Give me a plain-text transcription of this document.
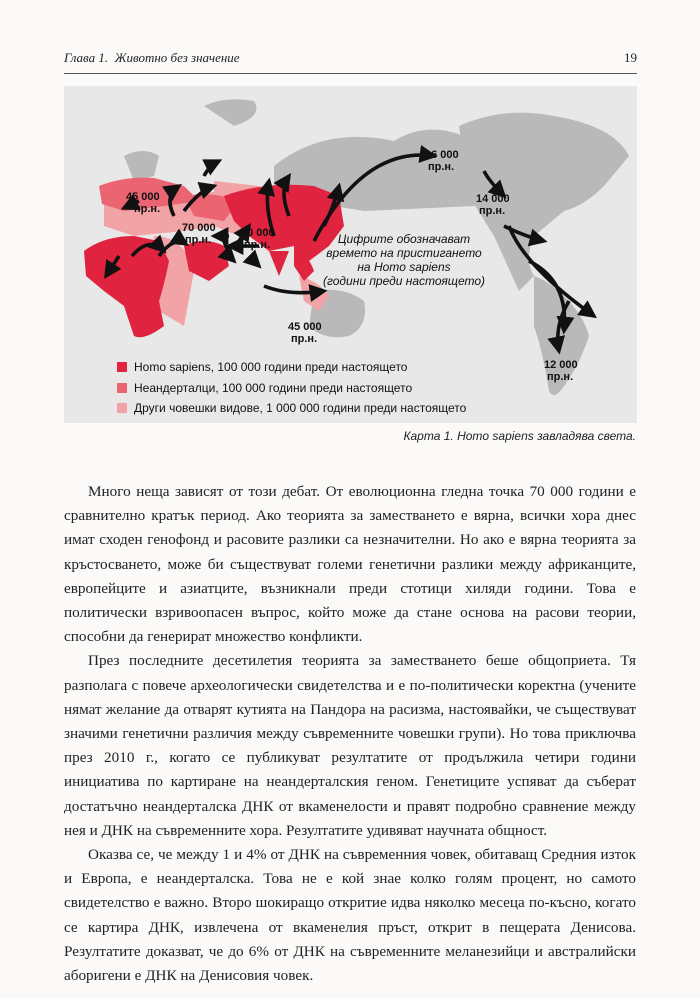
Глава 1. Животно без значение	19
45 000
пр.н.
70 000
пр.н.
60 000
пр.н.
45 000
пр.н.
16 000
пр.н.
14 000
пр.н.
12 000
пр.н.
Цифрите обозначават
времето на пристигането
на Homo sapiens
(години преди настоящето)
Homo sapiens, 100 000 години преди настоящето
Неандерталци, 100 000 години преди настоящето
Други човешки видове, 1 000 000 години преди настоящето
Карта 1. Homo sapiens завладява света.

Много неща зависят от този дебат. От еволюционна гледна точка 70 000 години е сравнително кратък период. Ако теорията за заместването е вярна, всички хора днес имат сходен генофонд и расовите разлики са незначителни. Но ако е вярна теорията за кръстосването, може би съществуват големи генетични разлики между африканците, европейците и азиатците, възникнали преди стотици хиляди години. Това е политически взривоопасен въпрос, който може да стане основа на расови теории, способни да генерират множество конфликти.

През последните десетилетия теорията за заместването беше общоприета. Тя разполага с повече археологически свидетелства и е по-политически коректна (учените нямат желание да отварят кутията на Пандора на расизма, настоявайки, че съществуват значими генетични различия между съвременните човешки групи). Но това приключва през 2010 г., когато се публикуват резултатите от продължила четири години инициатива по картиране на неандерталския геном. Генетиците успяват да съберат достатъчно неандерталска ДНК от вкаменелости и правят подробно сравнение между нея и ДНК на съвременните хора. Резултатите удивяват научната общност.

Оказва се, че между 1 и 4% от ДНК на съвременния човек, обитаващ Средния изток и Европа, е неандерталска. Това не е кой знае колко голям процент, но самото свидетелство е важно. Второ шокиращо откритие идва няколко месеца по-късно, когато се картира ДНК, извлечена от вкаменелия пръст, открит в пещерата Денисова. Резултатите доказват, че до 6% от ДНК на съвременните меланезийци и австралийски аборигени е ДНК на Денисовия човек.
